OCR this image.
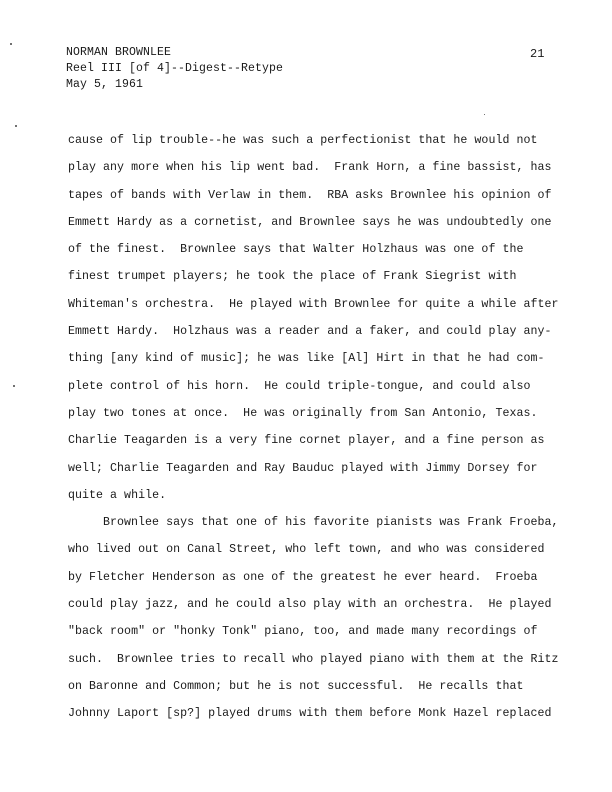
NORMAN BROWNLEE
Reel III [of 4]--Digest--Retype
May 5, 1961
21
cause of lip trouble--he was such a perfectionist that he would not
play any more when his lip went bad.  Frank Horn, a fine bassist, has
tapes of bands with Verlaw in them.  RBA asks Brownlee his opinion of
Emmett Hardy as a cornetist, and Brownlee says he was undoubtedly one
of the finest.  Brownlee says that Walter Holzhaus was one of the
finest trumpet players; he took the place of Frank Siegrist with
Whiteman's orchestra.  He played with Brownlee for quite a while after
Emmett Hardy.  Holzhaus was a reader and a faker, and could play any-
thing [any kind of music]; he was like [Al] Hirt in that he had com-
plete control of his horn.  He could triple-tongue, and could also
play two tones at once.  He was originally from San Antonio, Texas.
Charlie Teagarden is a very fine cornet player, and a fine person as
well; Charlie Teagarden and Ray Bauduc played with Jimmy Dorsey for
quite a while.
Brownlee says that one of his favorite pianists was Frank Froeba,
who lived out on Canal Street, who left town, and who was considered
by Fletcher Henderson as one of the greatest he ever heard.  Froeba
could play jazz, and he could also play with an orchestra.  He played
"back room" or "honky Tonk" piano, too, and made many recordings of
such.  Brownlee tries to recall who played piano with them at the Ritz
on Baronne and Common; but he is not successful.  He recalls that
Johnny Laport [sp?] played drums with them before Monk Hazel replaced
